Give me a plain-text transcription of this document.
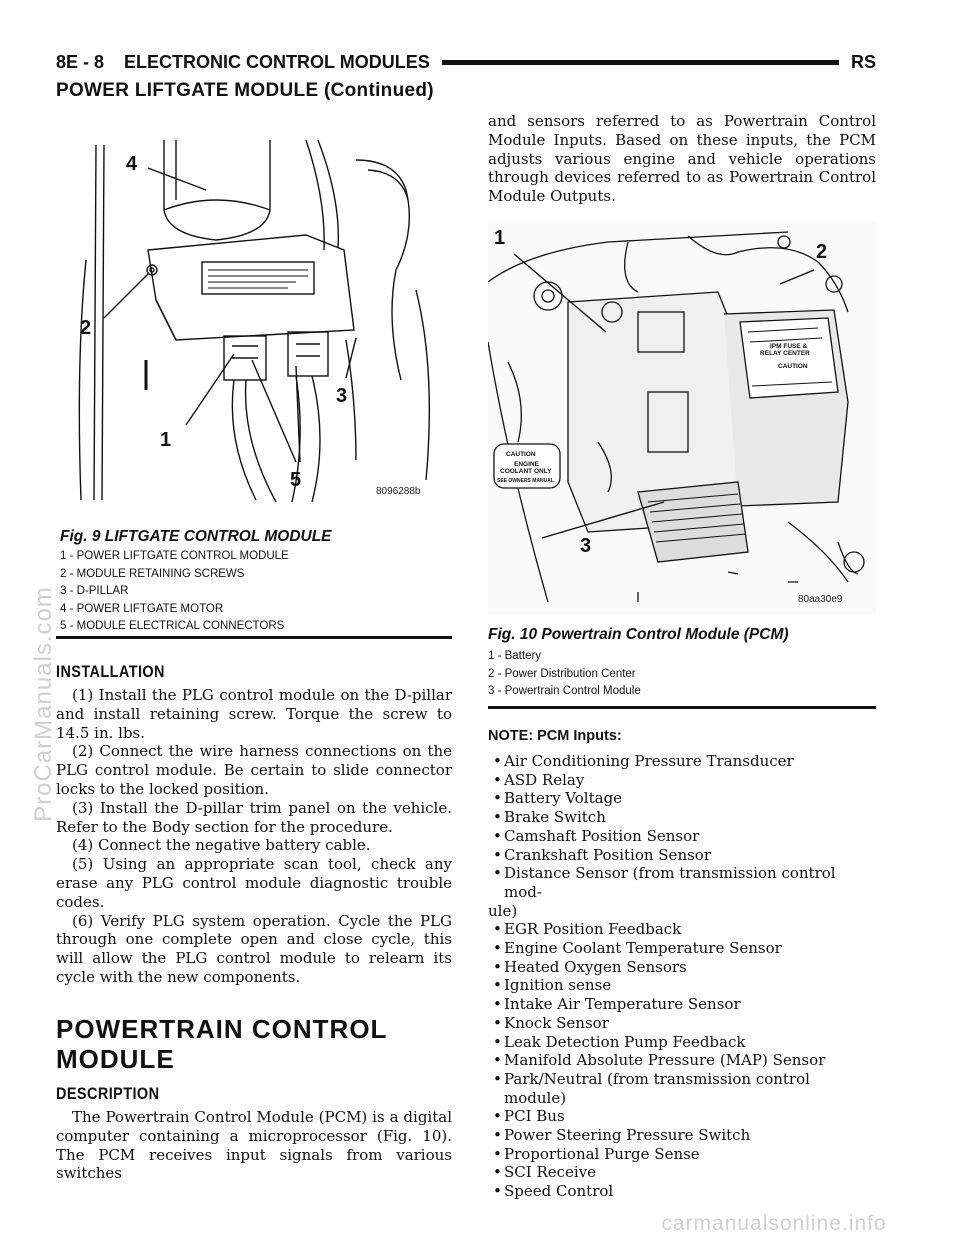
8E - 8 ELECTRONIC CONTROL MODULES	RS
POWER LIFTGATE MODULE (Continued)
4
2
3
1
5
8096288b
Fig. 9 LIFTGATE CONTROL MODULE
1 - POWER LIFTGATE CONTROL MODULE
2 - MODULE RETAINING SCREWS
3 - D-PILLAR
4 - POWER LIFTGATE MOTOR
5 - MODULE ELECTRICAL CONNECTORS
INSTALLATION

(1) Install the PLG control module on the D-pillar and install retaining screw. Torque the screw to 14.5 in. lbs.

(2) Connect the wire harness connections on the PLG control module. Be certain to slide connector locks to the locked position.

(3) Install the D-pillar trim panel on the vehicle. Refer to the Body section for the procedure.

(4) Connect the negative battery cable.

(5) Using an appropriate scan tool, check any erase any PLG control module diagnostic trouble codes.

(6) Verify PLG system operation. Cycle the PLG through one complete open and close cycle, this will allow the PLG control module to relearn its cycle with the new components.

POWERTRAIN CONTROL
MODULE
DESCRIPTION

The Powertrain Control Module (PCM) is a digital computer containing a microprocessor (Fig. 10). The PCM receives input signals from various switches

and sensors referred to as Powertrain Control Module Inputs. Based on these inputs, the PCM adjusts various engine and vehicle operations through devices referred to as Powertrain Control Module Outputs.

IPM FUSE &
RELAY CENTER
CAUTION
CAUTION
ENGINE
COOLANT ONLY
SEE OWNERS MANUAL
1
2
3
80aa30e9
Fig. 10 Powertrain Control Module (PCM)
1 - Battery
2 - Power Distribution Center
3 - Powertrain Control Module
NOTE: PCM Inputs:
• Air Conditioning Pressure Transducer
• ASD Relay
• Battery Voltage
• Brake Switch
• Camshaft Position Sensor
• Crankshaft Position Sensor
• Distance Sensor (from transmission control mod-
ule)
• EGR Position Feedback
• Engine Coolant Temperature Sensor
• Heated Oxygen Sensors
• Ignition sense
• Intake Air Temperature Sensor
• Knock Sensor
• Leak Detection Pump Feedback
• Manifold Absolute Pressure (MAP) Sensor
• Park/Neutral (from transmission control module)
• PCI Bus
• Power Steering Pressure Switch
• Proportional Purge Sense
• SCI Receive
• Speed Control
ProCarManuals.com
carmanualsonline.info
